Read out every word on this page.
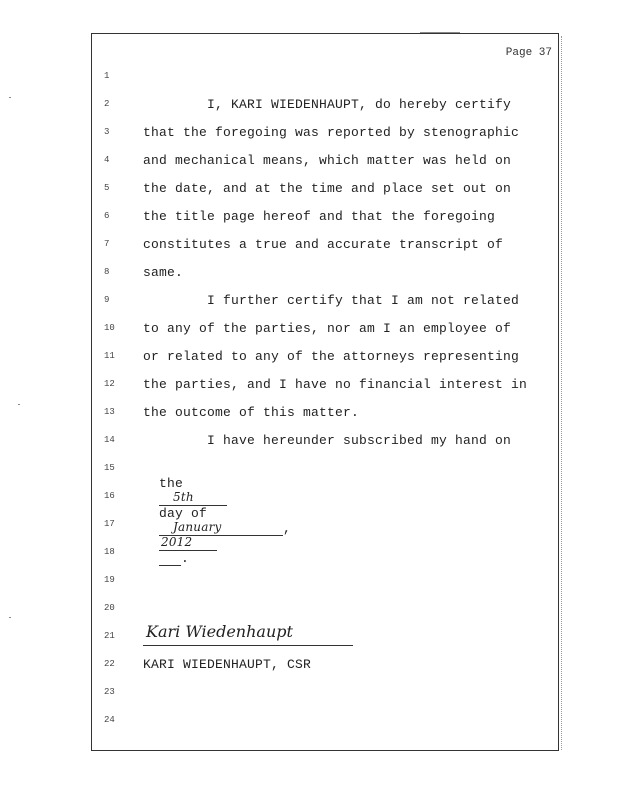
Page 37
1
2
3
4
5
6
7
8
9
10
11
12
13
14
15
16
17
18
19
20
21
22
23
24
I, KARI WIEDENHAUPT, do hereby certify
that the foregoing was reported by stenographic
and mechanical means, which matter was held on
the date, and at the time and place set out on
the title page hereof and that the foregoing
constitutes a true and accurate transcript of
same.
I further certify that I am not related
to any of the parties, nor am I an employee of
or related to any of the attorneys representing
the parties, and I have no financial interest in
the outcome of this matter.
I have hereunder subscribed my hand on

the

5th

day of

January	,

2012

.

Kari Wiedenhaupt
KARI WIEDENHAUPT, CSR
